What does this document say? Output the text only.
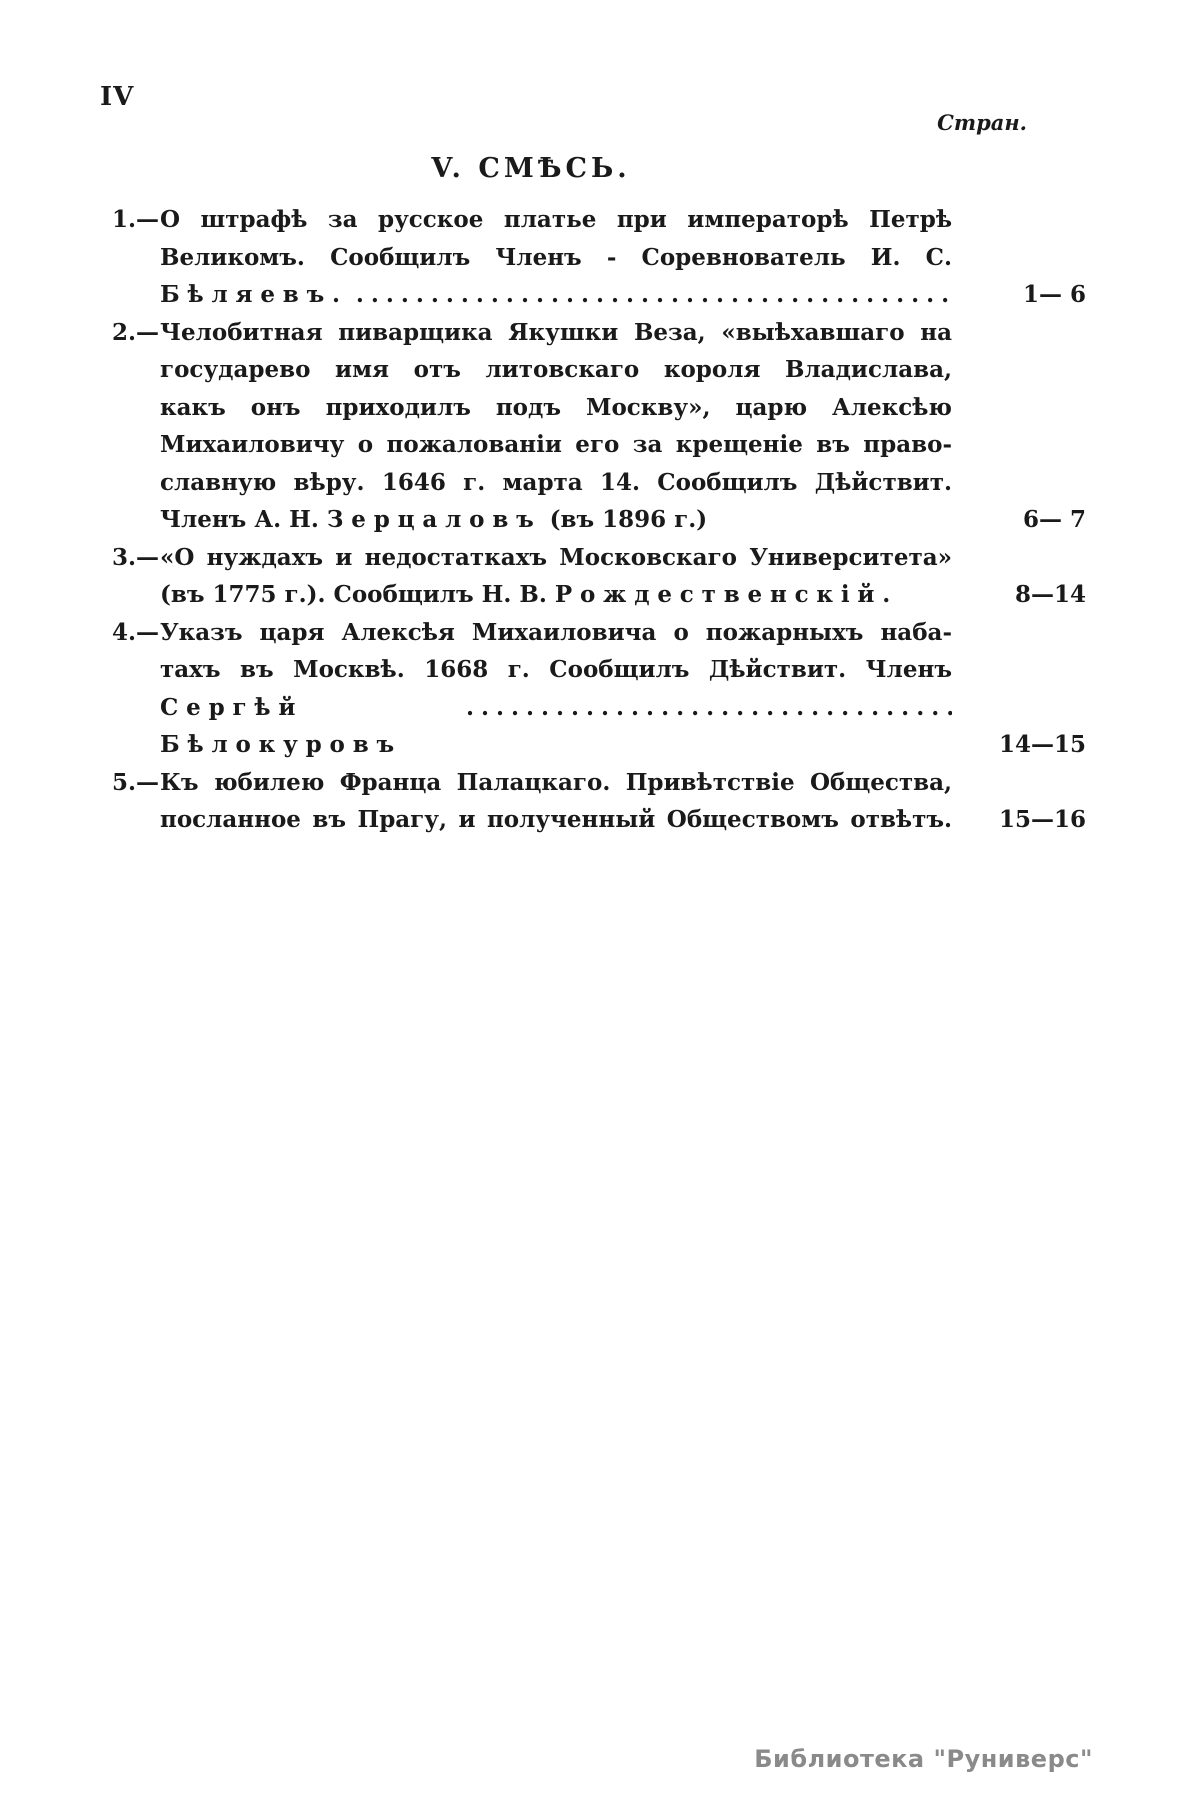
IV
Стран.
V. СМѢСЬ.
1.—О штрафѣ за русское платье при императорѣ Петрѣ
Великомъ. Сообщилъ Членъ - Соревнователь И. С.
Бѣляевъ. .....	1— 6
2.—Челобитная пиварщика Якушки Веза, «выѣхавшаго на
государево имя отъ литовскаго короля Владислава,
какъ онъ приходилъ подъ Москву», царю Алексѣю
Михаиловичу о пожалованіи его за крещеніе въ право-
славную вѣру. 1646 г. марта 14. Сообщилъ Дѣйствит.
Членъ А. Н. Зерцаловъ (въ 1896 г.)	6— 7
3.—«О нуждахъ и недостаткахъ Московскаго Университета»
(въ 1775 г.). Сообщилъ Н. В. Рождественскій.	8—14
4.—Указъ царя Алексѣя Михаиловича о пожарныхъ наба-
тахъ въ Москвѣ. 1668 г. Сообщилъ Дѣйствит. Членъ
Сергѣй Бѣлокуровъ
.....	14—15
5.—Къ юбилею Франца Палацкаго. Привѣтствіе Общества,
посланное въ Прагу, и полученный Обществомъ отвѣтъ.	15—16
Библиотека "Руниверс"
